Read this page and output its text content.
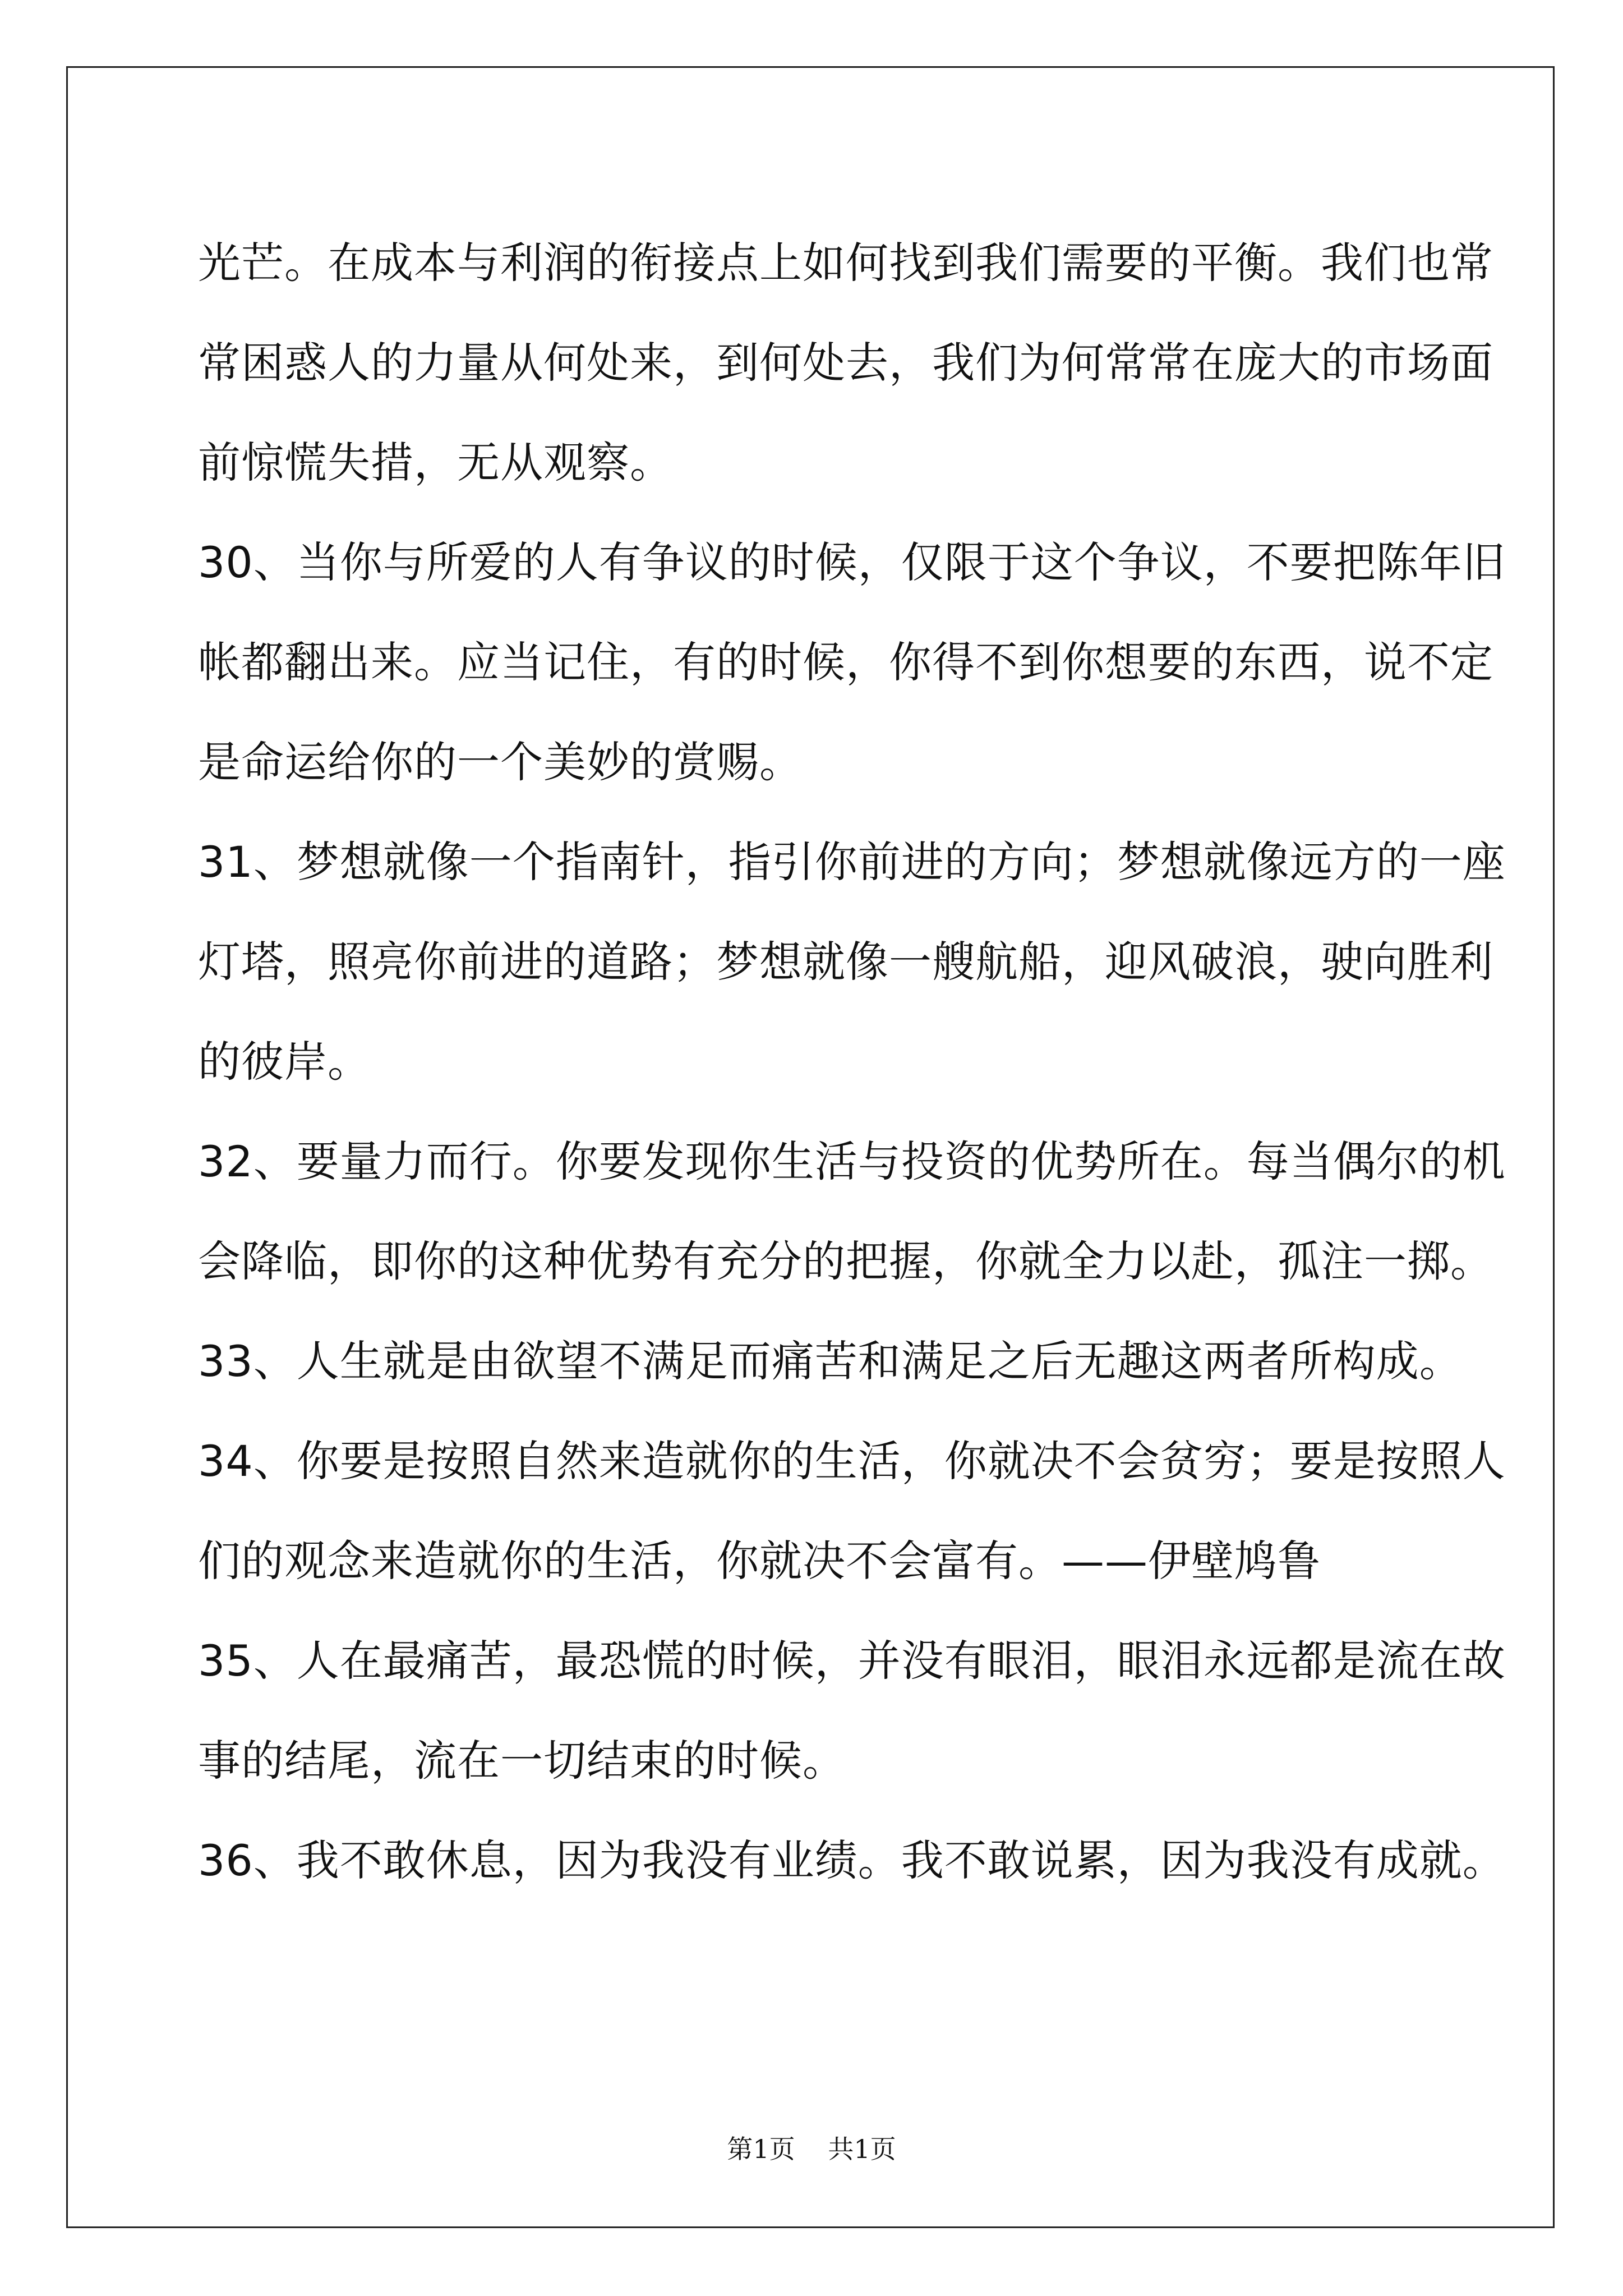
光芒。在成本与利润的衔接点上如何找到我们需要的平衡。我们也常
常困惑人的力量从何处来，到何处去，我们为何常常在庞大的市场面
前惊慌失措，无从观察。
30、当你与所爱的人有争议的时候，仅限于这个争议，不要把陈年旧
帐都翻出来。应当记住，有的时候，你得不到你想要的东西，说不定
是命运给你的一个美妙的赏赐。
31、梦想就像一个指南针，指引你前进的方向；梦想就像远方的一座
灯塔，照亮你前进的道路；梦想就像一艘航船，迎风破浪，驶向胜利
的彼岸。
32、要量力而行。你要发现你生活与投资的优势所在。每当偶尔的机
会降临，即你的这种优势有充分的把握，你就全力以赴，孤注一掷。
33、人生就是由欲望不满足而痛苦和满足之后无趣这两者所构成。
34、你要是按照自然来造就你的生活，你就决不会贫穷；要是按照人
们的观念来造就你的生活，你就决不会富有。——伊壁鸠鲁
35、人在最痛苦，最恐慌的时候，并没有眼泪，眼泪永远都是流在故
事的结尾，流在一切结束的时候。
36、我不敢休息，因为我没有业绩。我不敢说累，因为我没有成就。
第1页 共1页
